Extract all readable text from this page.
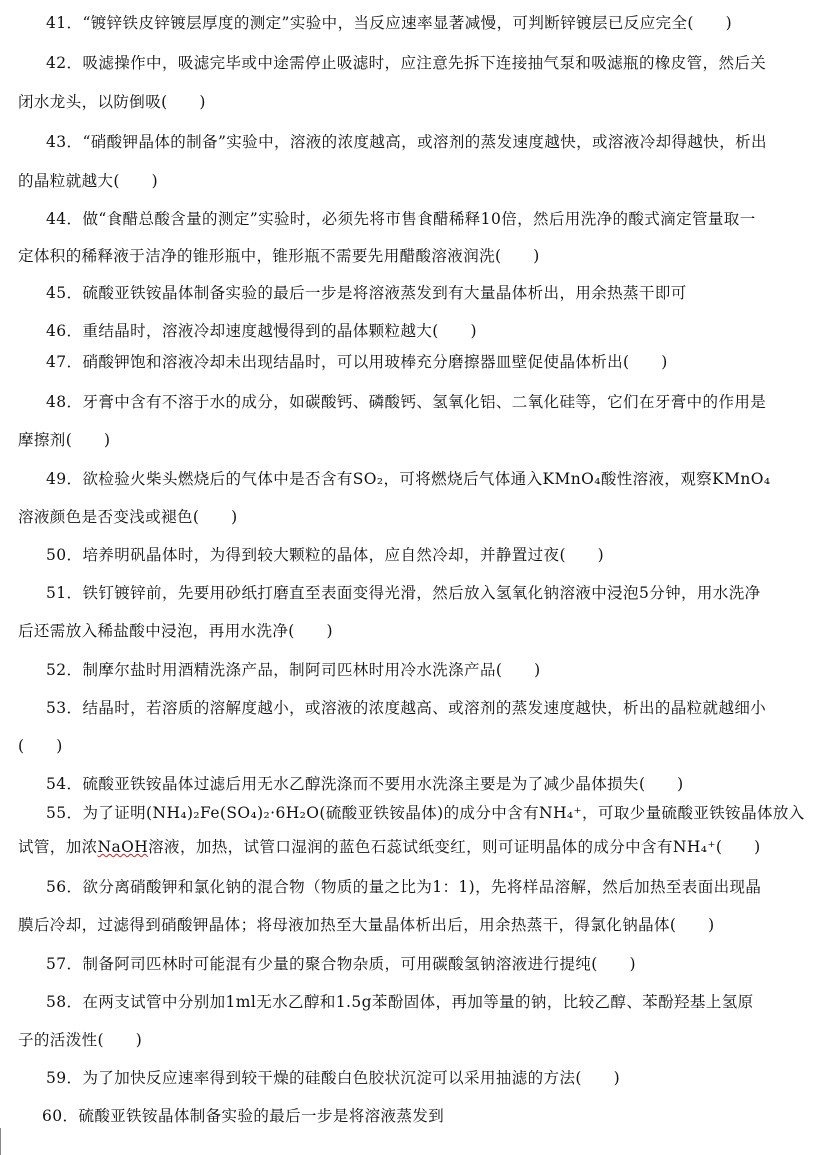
41．“镀锌铁皮锌镀层厚度的测定”实验中，当反应速率显著减慢，可判断锌镀层已反应完全(　　)
42．吸滤操作中，吸滤完毕或中途需停止吸滤时，应注意先拆下连接抽气泵和吸滤瓶的橡皮管，然后关
闭水龙头，以防倒吸(　　)
43．“硝酸钾晶体的制备”实验中，溶液的浓度越高，或溶剂的蒸发速度越快，或溶液冷却得越快，析出
的晶粒就越大(　　)
44．做“食醋总酸含量的测定”实验时，必须先将市售食醋稀释10倍，然后用洗净的酸式滴定管量取一
定体积的稀释液于洁净的锥形瓶中，锥形瓶不需要先用醋酸溶液润洗(　　)
45．硫酸亚铁铵晶体制备实验的最后一步是将溶液蒸发到有大量晶体析出，用余热蒸干即可
46．重结晶时，溶液冷却速度越慢得到的晶体颗粒越大(　　)
47．硝酸钾饱和溶液冷却未出现结晶时，可以用玻棒充分磨擦器皿壁促使晶体析出(　　)
48．牙膏中含有不溶于水的成分，如碳酸钙、磷酸钙、氢氧化铝、二氧化硅等，它们在牙膏中的作用是
摩擦剂(　　)
49．欲检验火柴头燃烧后的气体中是否含有SO₂，可将燃烧后气体通入KMnO₄酸性溶液，观察KMnO₄
溶液颜色是否变浅或褪色(　　)
50．培养明矾晶体时，为得到较大颗粒的晶体，应自然冷却，并静置过夜(　　)
51．铁钉镀锌前，先要用砂纸打磨直至表面变得光滑，然后放入氢氧化钠溶液中浸泡5分钟，用水洗净
后还需放入稀盐酸中浸泡，再用水洗净(　　)
52．制摩尔盐时用酒精洗涤产品，制阿司匹林时用冷水洗涤产品(　　)
53．结晶时，若溶质的溶解度越小，或溶液的浓度越高、或溶剂的蒸发速度越快，析出的晶粒就越细小
(　　)
54．硫酸亚铁铵晶体过滤后用无水乙醇洗涤而不要用水洗涤主要是为了减少晶体损失(　　)
55．为了证明(NH₄)₂Fe(SO₄)₂·6H₂O(硫酸亚铁铵晶体)的成分中含有NH₄⁺，可取少量硫酸亚铁铵晶体放入
试管，加浓NaOH溶液，加热，试管口湿润的蓝色石蕊试纸变红，则可证明晶体的成分中含有NH₄⁺(　　)
56．欲分离硝酸钾和氯化钠的混合物（物质的量之比为1：1)，先将样品溶解，然后加热至表面出现晶
膜后冷却，过滤得到硝酸钾晶体；将母液加热至大量晶体析出后，用余热蒸干，得氯化钠晶体(　　)
57．制备阿司匹林时可能混有少量的聚合物杂质，可用碳酸氢钠溶液进行提纯(　　)
58．在两支试管中分别加1ml无水乙醇和1.5g苯酚固体，再加等量的钠，比较乙醇、苯酚羟基上氢原
子的活泼性(　　)
59．为了加快反应速率得到较干燥的硅酸白色胶状沉淀可以采用抽滤的方法(　　)
60．硫酸亚铁铵晶体制备实验的最后一步是将溶液蒸发到
